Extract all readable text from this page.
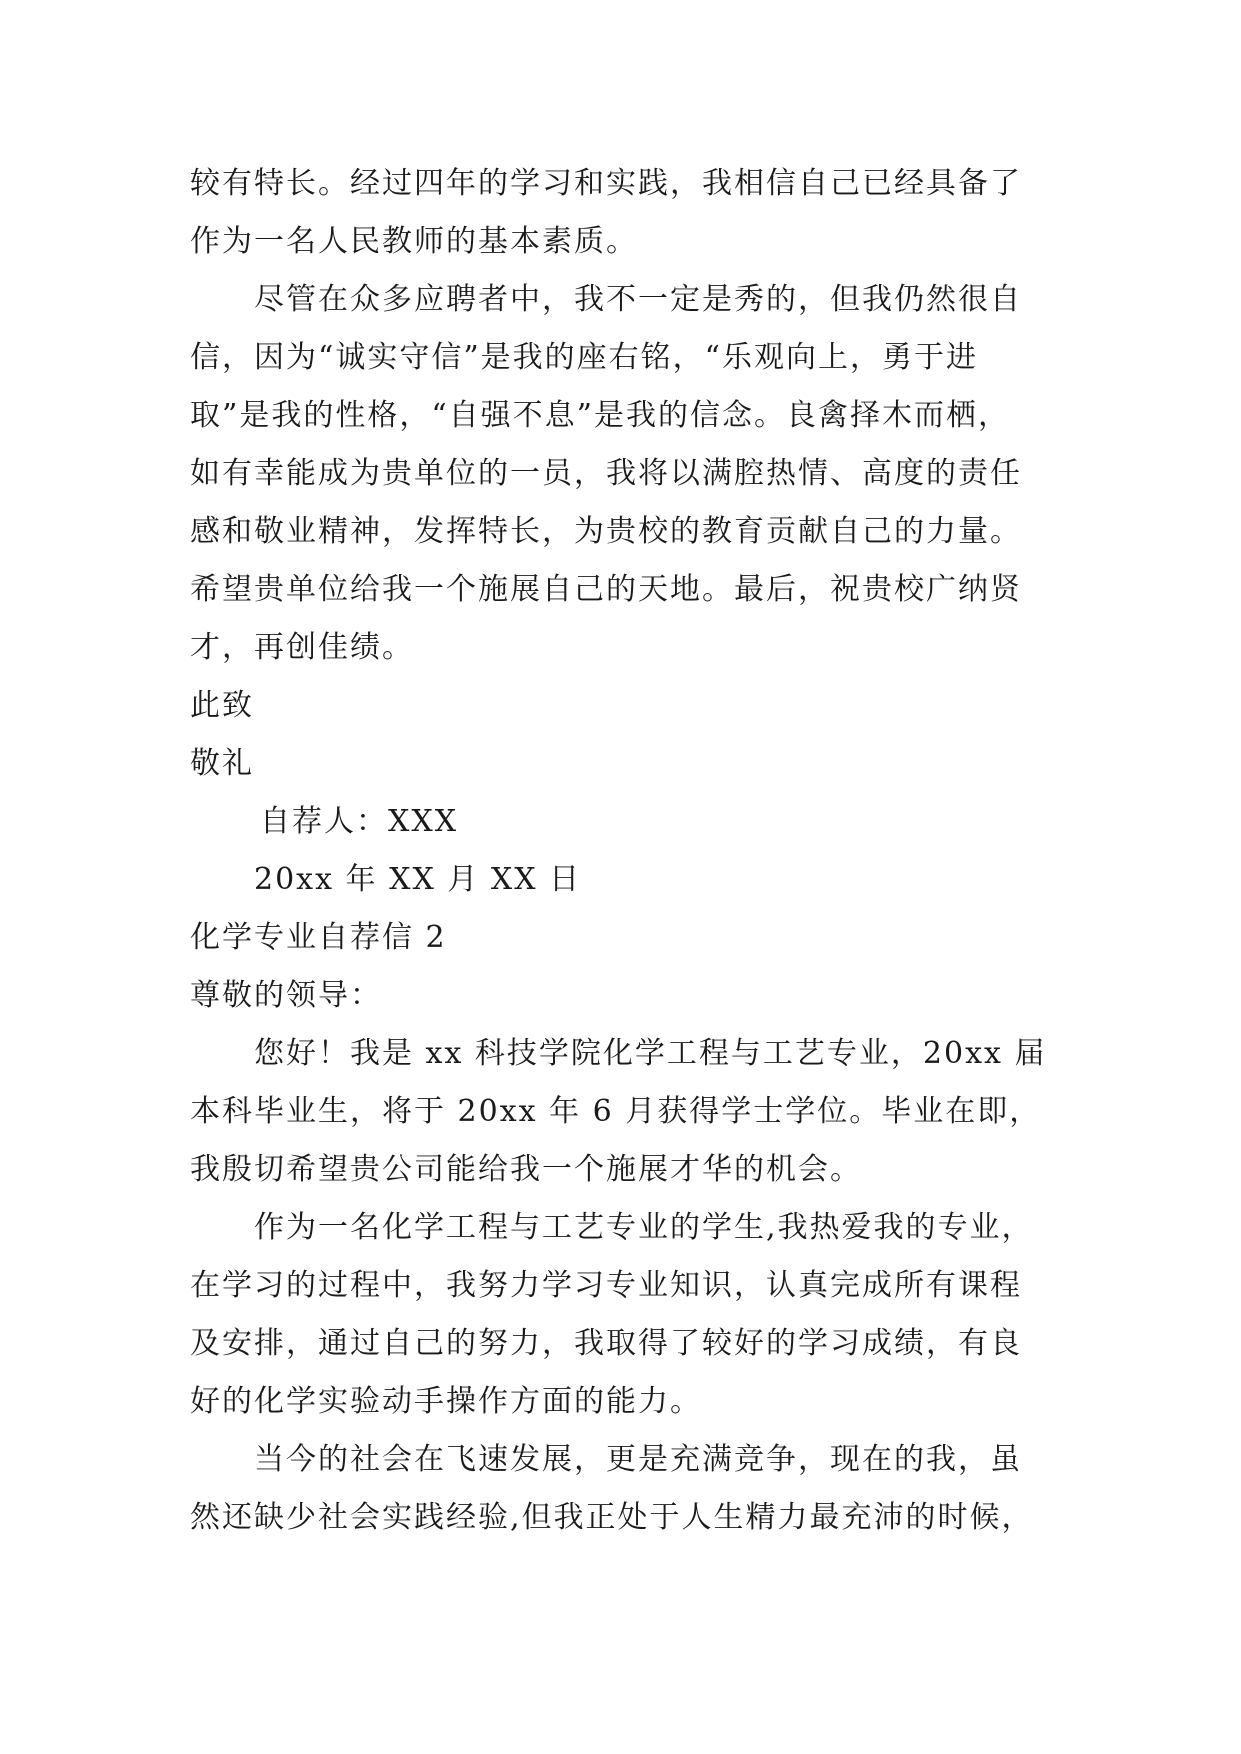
较有特长。经过四年的学习和实践，我相信自己已经具备了
作为一名人民教师的基本素质。
尽管在众多应聘者中，我不一定是秀的，但我仍然很自
信，因为“诚实守信”是我的座右铭，“乐观向上，勇于进
取”是我的性格，“自强不息”是我的信念。良禽择木而栖，
如有幸能成为贵单位的一员，我将以满腔热情、高度的责任
感和敬业精神，发挥特长，为贵校的教育贡献自己的力量。
希望贵单位给我一个施展自己的天地。最后，祝贵校广纳贤
才，再创佳绩。
此致
敬礼
自荐人：XXX
20xx 年 XX 月 XX 日
化学专业自荐信 2
尊敬的领导：
您好！我是 xx 科技学院化学工程与工艺专业，20xx 届
本科毕业生，将于 20xx 年 6 月获得学士学位。毕业在即，
我殷切希望贵公司能给我一个施展才华的机会。
作为一名化学工程与工艺专业的学生,我热爱我的专业，
在学习的过程中，我努力学习专业知识，认真完成所有课程
及安排，通过自己的努力，我取得了较好的学习成绩，有良
好的化学实验动手操作方面的能力。
当今的社会在飞速发展，更是充满竞争，现在的我，虽
然还缺少社会实践经验,但我正处于人生精力最充沛的时候，
